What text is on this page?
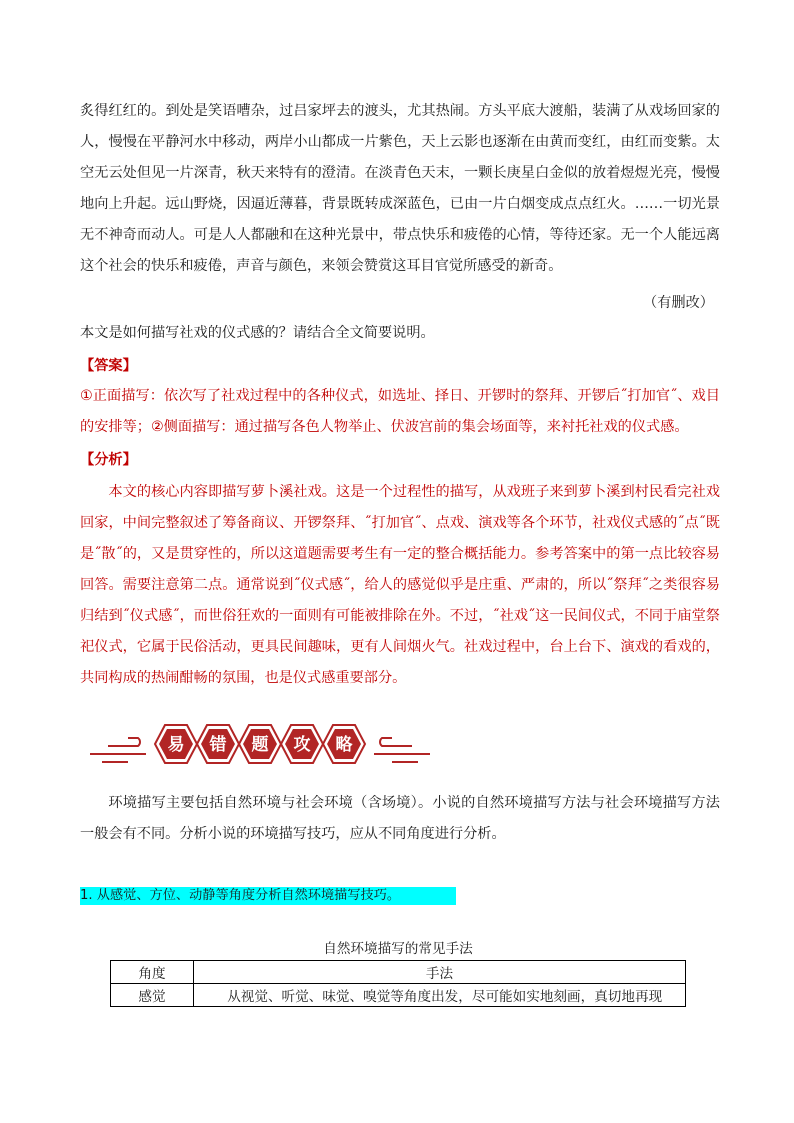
炙得红红的。到处是笑语嘈杂，过吕家坪去的渡头，尤其热闹。方头平底大渡船，装满了从戏场回家的人，慢慢在平静河水中移动，两岸小山都成一片紫色，天上云影也逐渐在由黄而变红，由红而变紫。太空无云处但见一片深青，秋天来特有的澄清。在淡青色天末，一颗长庚星白金似的放着煜煜光亮，慢慢地向上升起。远山野烧，因逼近薄暮，背景既转成深蓝色，已由一片白烟变成点点红火。……一切光景无不神奇而动人。可是人人都融和在这种光景中，带点快乐和疲倦的心情，等待还家。无一个人能远离这个社会的快乐和疲倦，声音与颜色，来领会赞赏这耳目官觉所感受的新奇。

（有删改）

本文是如何描写社戏的仪式感的？请结合全文简要说明。

【答案】

①正面描写：依次写了社戏过程中的各种仪式，如选址、择日、开锣时的祭拜、开锣后˝打加官˝、戏目的安排等；②侧面描写：通过描写各色人物举止、伏波宫前的集会场面等，来衬托社戏的仪式感。

【分析】

本文的核心内容即描写萝卜溪社戏。这是一个过程性的描写，从戏班子来到萝卜溪到村民看完社戏回家，中间完整叙述了筹备商议、开锣祭拜、˝打加官˝、点戏、演戏等各个环节，社戏仪式感的˝点˝既是˝散˝的，又是贯穿性的，所以这道题需要考生有一定的整合概括能力。参考答案中的第一点比较容易回答。需要注意第二点。通常说到˝仪式感˝，给人的感觉似乎是庄重、严肃的，所以˝祭拜˝之类很容易归结到˝仪式感˝，而世俗狂欢的一面则有可能被排除在外。不过，˝社戏˝这一民间仪式，不同于庙堂祭祀仪式，它属于民俗活动，更具民间趣味，更有人间烟火气。社戏过程中，台上台下、演戏的看戏的，共同构成的热闹酣畅的氛围，也是仪式感重要部分。

易 错 题 攻 略

环境描写主要包括自然环境与社会环境（含场境）。小说的自然环境描写方法与社会环境描写方法一般会有不同。分析小说的环境描写技巧，应从不同角度进行分析。

1. 从感觉、方位、动静等角度分析自然环境描写技巧。
自然环境描写的常见手法
角度	手法
感觉	从视觉、听觉、味觉、嗅觉等角度出发，尽可能如实地刻画，真切地再现
